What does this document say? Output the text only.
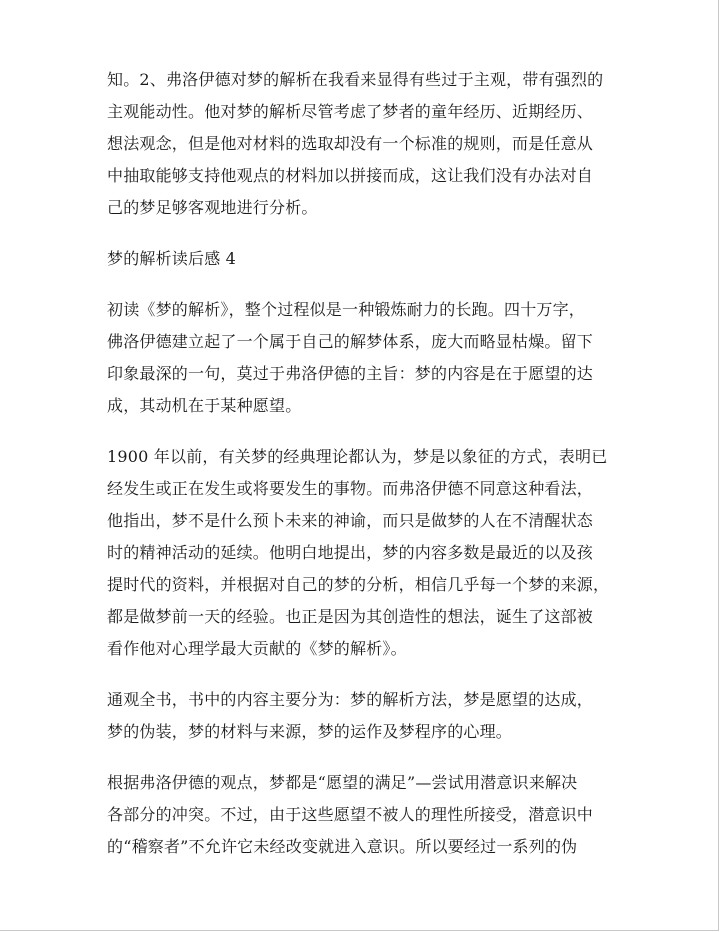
知。2、弗洛伊德对梦的解析在我看来显得有些过于主观，带有强烈的
主观能动性。他对梦的解析尽管考虑了梦者的童年经历、近期经历、
想法观念，但是他对材料的选取却没有一个标准的规则，而是任意从
中抽取能够支持他观点的材料加以拼接而成，这让我们没有办法对自
己的梦足够客观地进行分析。
梦的解析读后感 4
初读《梦的解析》，整个过程似是一种锻炼耐力的长跑。四十万字，
佛洛伊德建立起了一个属于自己的解梦体系，庞大而略显枯燥。留下
印象最深的一句，莫过于弗洛伊德的主旨：梦的内容是在于愿望的达
成，其动机在于某种愿望。
1900 年以前，有关梦的经典理论都认为，梦是以象征的方式，表明已
经发生或正在发生或将要发生的事物。而弗洛伊德不同意这种看法，
他指出，梦不是什么预卜未来的神谕，而只是做梦的人在不清醒状态
时的精神活动的延续。他明白地提出，梦的内容多数是最近的以及孩
提时代的资料，并根据对自己的梦的分析，相信几乎每一个梦的来源，
都是做梦前一天的经验。也正是因为其创造性的想法，诞生了这部被
看作他对心理学最大贡献的《梦的解析》。
通观全书，书中的内容主要分为：梦的解析方法，梦是愿望的达成，
梦的伪装，梦的材料与来源，梦的运作及梦程序的心理。
根据弗洛伊德的观点，梦都是“愿望的满足”—尝试用潜意识来解决
各部分的冲突。不过，由于这些愿望不被人的理性所接受，潜意识中
的“稽察者”不允许它未经改变就进入意识。所以要经过一系列的伪
